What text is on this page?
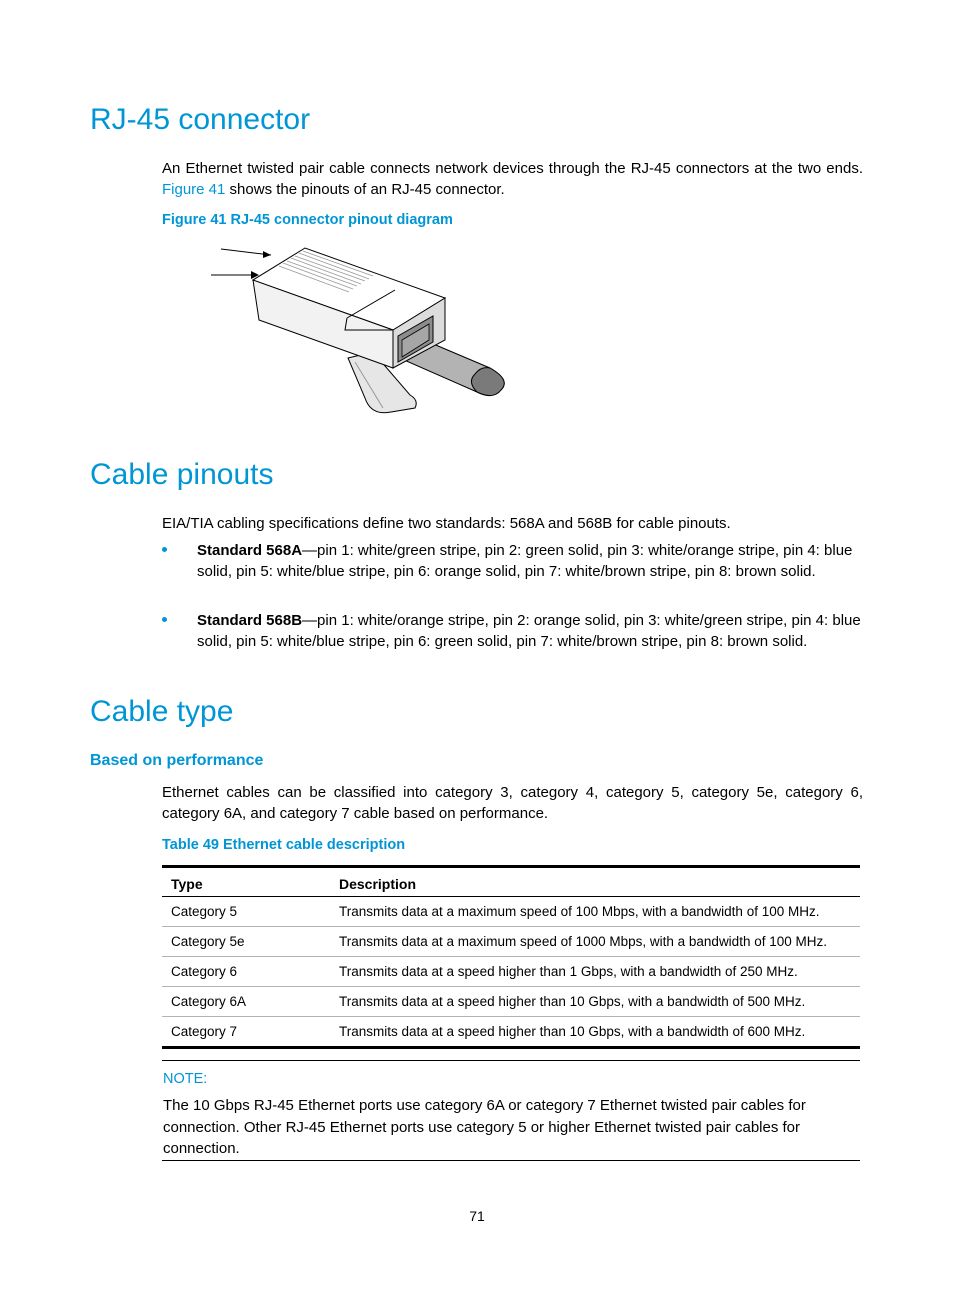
RJ-45 connector

An Ethernet twisted pair cable connects network devices through the RJ-45 connectors at the two ends. Figure 41 shows the pinouts of an RJ-45 connector.

Figure 41 RJ-45 connector pinout diagram

Cable pinouts

EIA/TIA cabling specifications define two standards: 568A and 568B for cable pinouts.

Standard 568A—pin 1: white/green stripe, pin 2: green solid, pin 3: white/orange stripe, pin 4: blue solid, pin 5: white/blue stripe, pin 6: orange solid, pin 7: white/brown stripe, pin 8: brown solid.

Standard 568B—pin 1: white/orange stripe, pin 2: orange solid, pin 3: white/green stripe, pin 4: blue solid, pin 5: white/blue stripe, pin 6: green solid, pin 7: white/brown stripe, pin 8: brown solid.

Cable type
Based on performance

Ethernet cables can be classified into category 3, category 4, category 5, category 5e, category 6, category 6A, and category 7 cable based on performance.

Table 49 Ethernet cable description

Type	Description
Category 5	Transmits data at a maximum speed of 100 Mbps, with a bandwidth of 100 MHz.
Category 5e	Transmits data at a maximum speed of 1000 Mbps, with a bandwidth of 100 MHz.
Category 6	Transmits data at a speed higher than 1 Gbps, with a bandwidth of 250 MHz.
Category 6A	Transmits data at a speed higher than 10 Gbps, with a bandwidth of 500 MHz.
Category 7	Transmits data at a speed higher than 10 Gbps, with a bandwidth of 600 MHz.

NOTE:

The 10 Gbps RJ-45 Ethernet ports use category 6A or category 7 Ethernet twisted pair cables for connection. Other RJ-45 Ethernet ports use category 5 or higher Ethernet twisted pair cables for connection.

71
